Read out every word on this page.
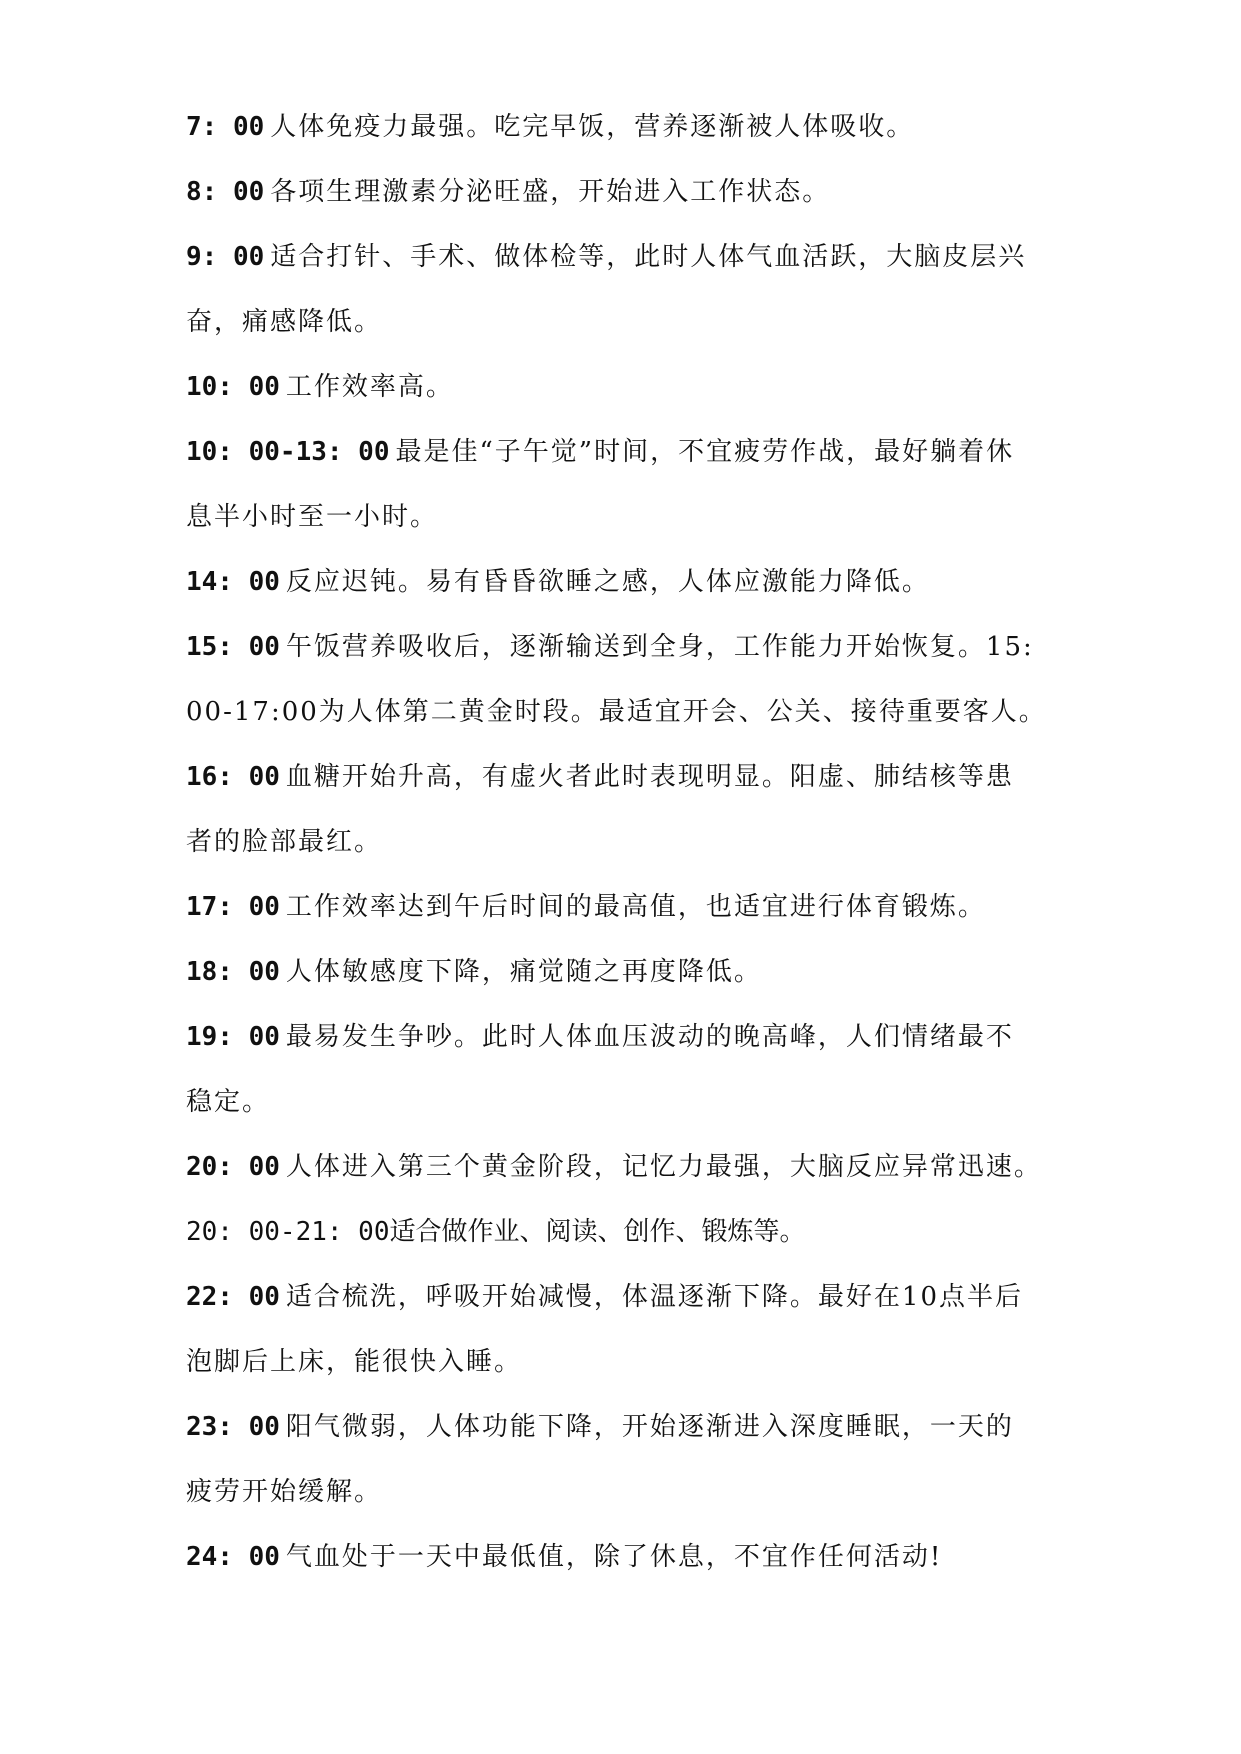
7: 00 人体免疫力最强。吃完早饭，营养逐渐被人体吸收。
8: 00 各项生理激素分泌旺盛，开始进入工作状态。
9: 00 适合打针、手术、做体检等，此时人体气血活跃，大脑皮层兴
奋，痛感降低。
10: 00 工作效率高。
10: 00-13: 00 最是佳“子午觉”时间，不宜疲劳作战，最好躺着休
息半小时至一小时。
14: 00 反应迟钝。易有昏昏欲睡之感，人体应激能力降低。
15: 00 午饭营养吸收后，逐渐输送到全身，工作能力开始恢复。15:
00-17:00为人体第二黄金时段。最适宜开会、公关、接待重要客人。
16: 00 血糖开始升高，有虚火者此时表现明显。阳虚、肺结核等患
者的脸部最红。
17: 00 工作效率达到午后时间的最高值，也适宜进行体育锻炼。
18: 00 人体敏感度下降，痛觉随之再度降低。
19: 00 最易发生争吵。此时人体血压波动的晚高峰，人们情绪最不
稳定。
20: 00 人体进入第三个黄金阶段，记忆力最强，大脑反应异常迅速。
20: 00-21: 00适合做作业、阅读、创作、锻炼等。
22: 00 适合梳洗，呼吸开始减慢，体温逐渐下降。最好在10点半后
泡脚后上床，能很快入睡。
23: 00 阳气微弱，人体功能下降，开始逐渐进入深度睡眠，一天的
疲劳开始缓解。
24: 00 气血处于一天中最低值，除了休息，不宜作任何活动!
